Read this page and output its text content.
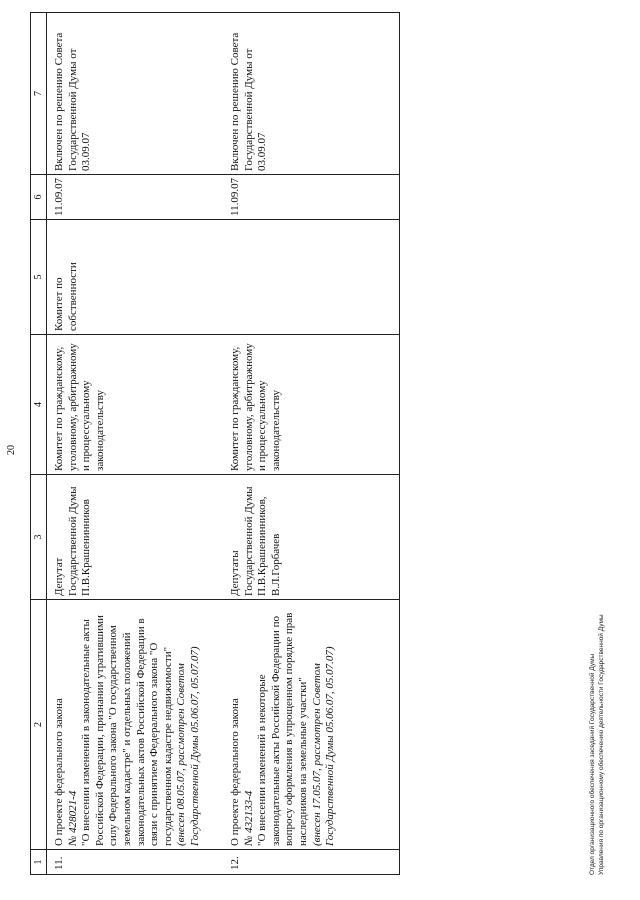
20
1	2	3	4	5	6	7
11.	О проекте федерального закона № 428021-4 "О внесении изменений в законодательные акты Российской Федерации, признании утратившими силу Федерального закона "О государственном земельном кадастре" и отдельных положений законодательных актов Российской Федерации в связи с принятием Федерального закона "О государственном кадастре недвижимости" (внесен 08.05.07, рассмотрен Советом Государственной Думы 05.06.07, 05.07.07)	Депутат Государственной Думы П.В.Крашенинников	Комитет по гражданскому, уголовному, арбитражному и процессуальному законодательству	Комитет по собственности	11.09.07	Включен по решению Совета Государственной Думы от 03.09.07
12.	О проекте федерального закона № 432133-4 "О внесении изменений в некоторые законодательные акты Российской Федерации по вопросу оформления в упрощенном порядке прав наследников на земельные участки" (внесен 17.05.07, рассмотрен Советом Государственной Думы 05.06.07, 05.07.07)	Депутаты Государственной Думы П.В.Крашенинников, В.Л.Горбачев	Комитет по гражданскому, уголовному, арбитражному и процессуальному законодательству		11.09.07	Включен по решению Совета Государственной Думы от 03.09.07
Отдел организационного обеспечения заседаний Государственной Думы Управления по организационному обеспечению деятельности Государственной Думы
